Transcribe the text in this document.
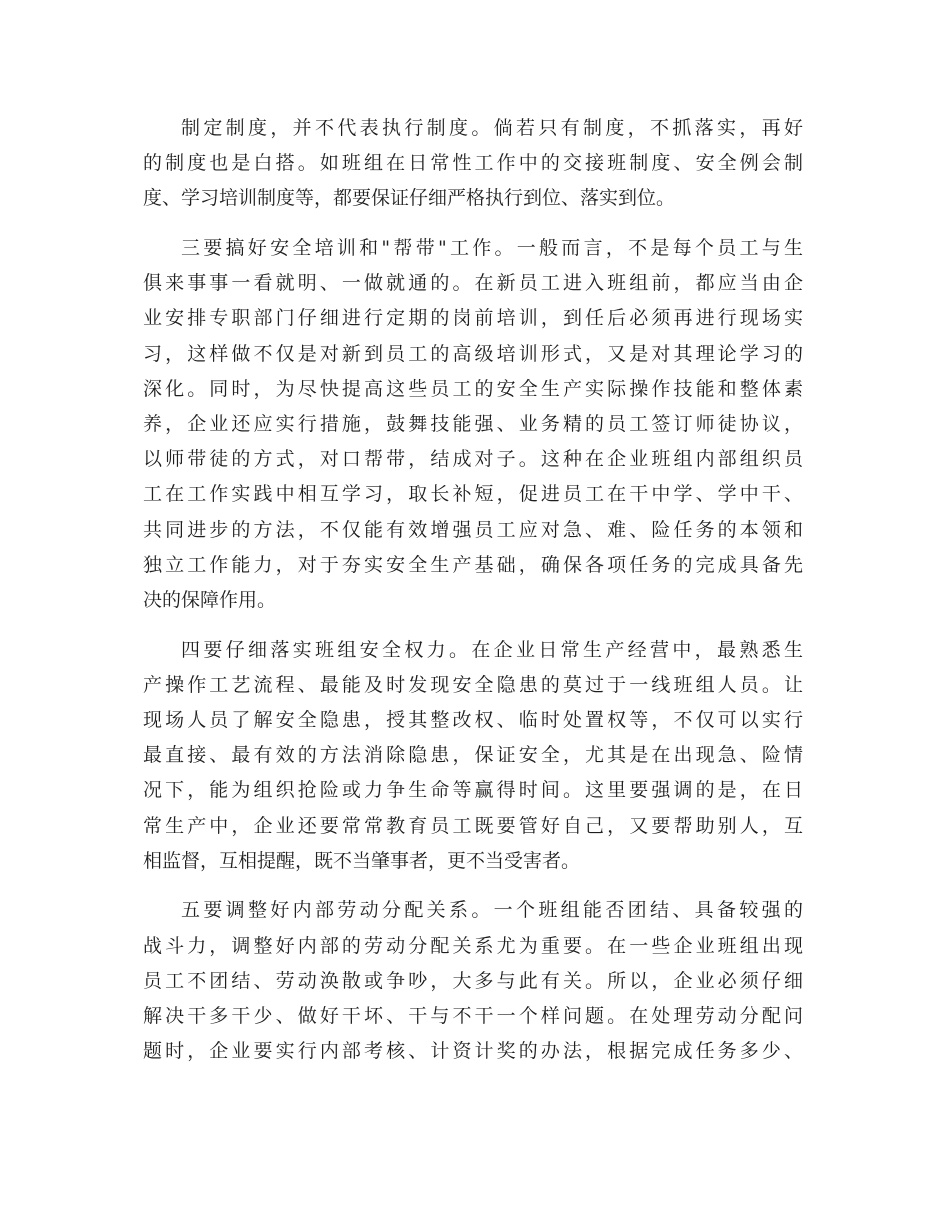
制定制度，并不代表执行制度。倘若只有制度，不抓落实，再好
的制度也是白搭。如班组在日常性工作中的交接班制度、安全例会制
度、学习培训制度等，都要保证仔细严格执行到位、落实到位。
三要搞好安全培训和"帮带"工作。一般而言，不是每个员工与生
俱来事事一看就明、一做就通的。在新员工进入班组前，都应当由企
业安排专职部门仔细进行定期的岗前培训，到任后必须再进行现场实
习，这样做不仅是对新到员工的高级培训形式，又是对其理论学习的
深化。同时，为尽快提高这些员工的安全生产实际操作技能和整体素
养，企业还应实行措施，鼓舞技能强、业务精的员工签订师徒协议，
以师带徒的方式，对口帮带，结成对子。这种在企业班组内部组织员
工在工作实践中相互学习，取长补短，促进员工在干中学、学中干、
共同进步的方法，不仅能有效增强员工应对急、难、险任务的本领和
独立工作能力，对于夯实安全生产基础，确保各项任务的完成具备先
决的保障作用。
四要仔细落实班组安全权力。在企业日常生产经营中，最熟悉生
产操作工艺流程、最能及时发现安全隐患的莫过于一线班组人员。让
现场人员了解安全隐患，授其整改权、临时处置权等，不仅可以实行
最直接、最有效的方法消除隐患，保证安全，尤其是在出现急、险情
况下，能为组织抢险或力争生命等赢得时间。这里要强调的是，在日
常生产中，企业还要常常教育员工既要管好自己，又要帮助别人，互
相监督，互相提醒，既不当肇事者，更不当受害者。
五要调整好内部劳动分配关系。一个班组能否团结、具备较强的
战斗力，调整好内部的劳动分配关系尤为重要。在一些企业班组出现
员工不团结、劳动涣散或争吵，大多与此有关。所以，企业必须仔细
解决干多干少、做好干坏、干与不干一个样问题。在处理劳动分配问
题时，企业要实行内部考核、计资计奖的办法，根据完成任务多少、
